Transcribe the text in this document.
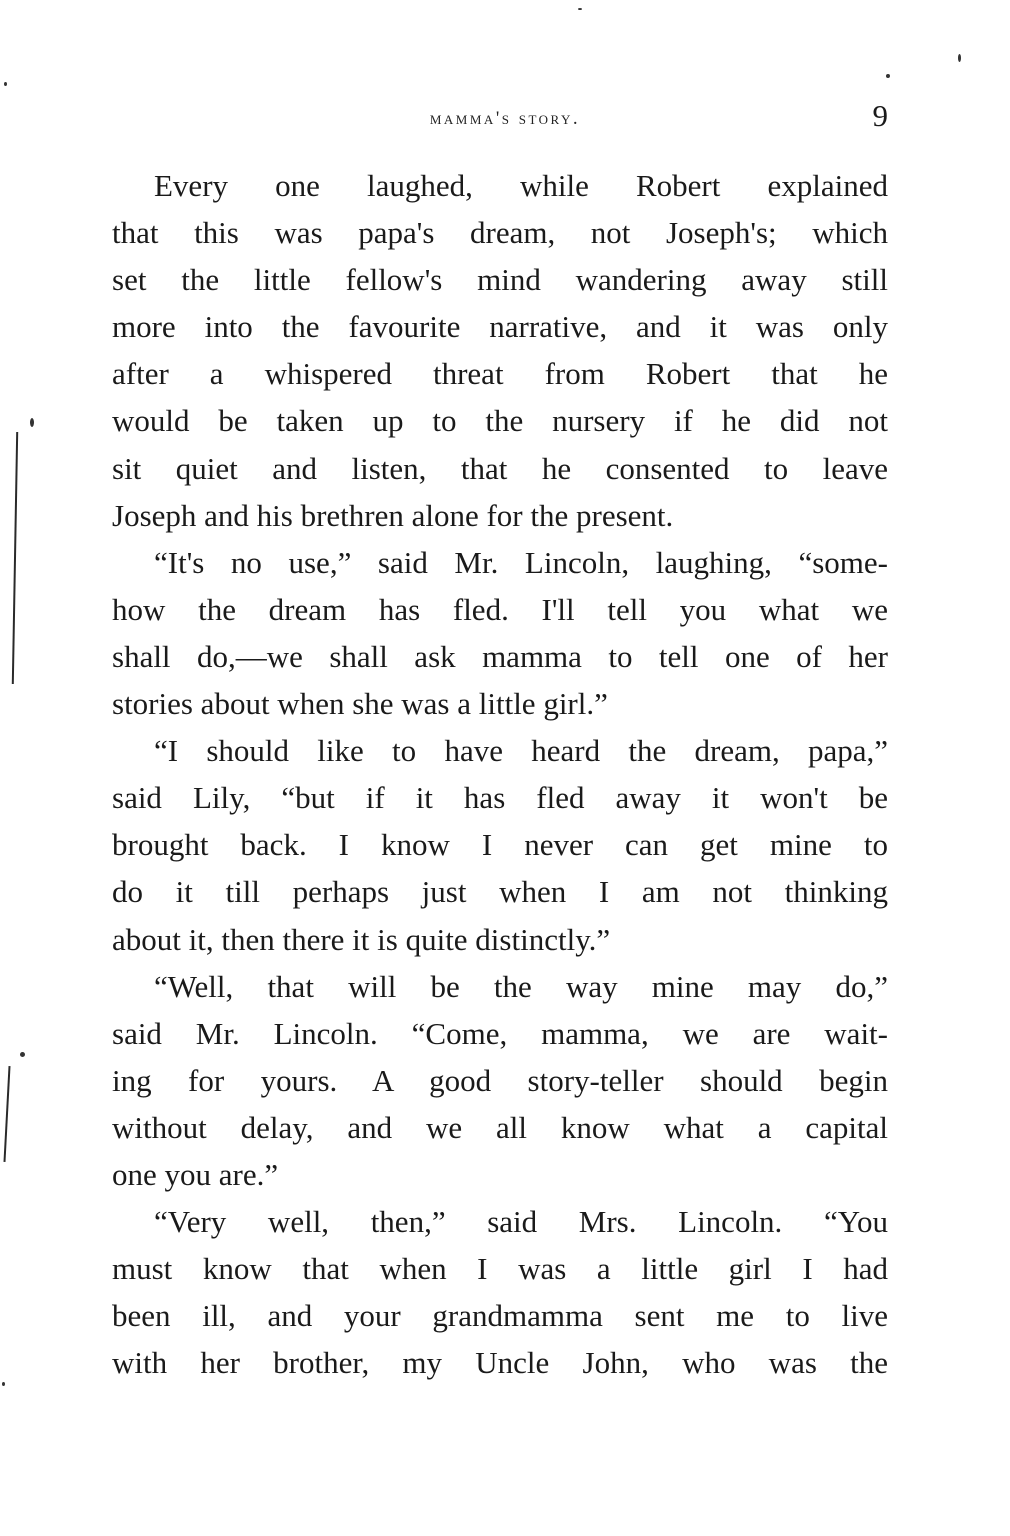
mamma's story.	9
Every one laughed, while Robert explained
that this was papa's dream, not Joseph's; which
set the little fellow's mind wandering away still
more into the favourite narrative, and it was only
after a whispered threat from Robert that he
would be taken up to the nursery if he did not
sit quiet and listen, that he consented to leave
Joseph and his brethren alone for the present.
“It's no use,” said Mr. Lincoln, laughing, “some-
how the dream has fled. I'll tell you what we
shall do,—we shall ask mamma to tell one of her
stories about when she was a little girl.”
“I should like to have heard the dream, papa,”
said Lily, “but if it has fled away it won't be
brought back. I know I never can get mine to
do it till perhaps just when I am not thinking
about it, then there it is quite distinctly.”
“Well, that will be the way mine may do,”
said Mr. Lincoln. “Come, mamma, we are wait-
ing for yours. A good story-teller should begin
without delay, and we all know what a capital
one you are.”
“Very well, then,” said Mrs. Lincoln. “You
must know that when I was a little girl I had
been ill, and your grandmamma sent me to live
with her brother, my Uncle John, who was the
